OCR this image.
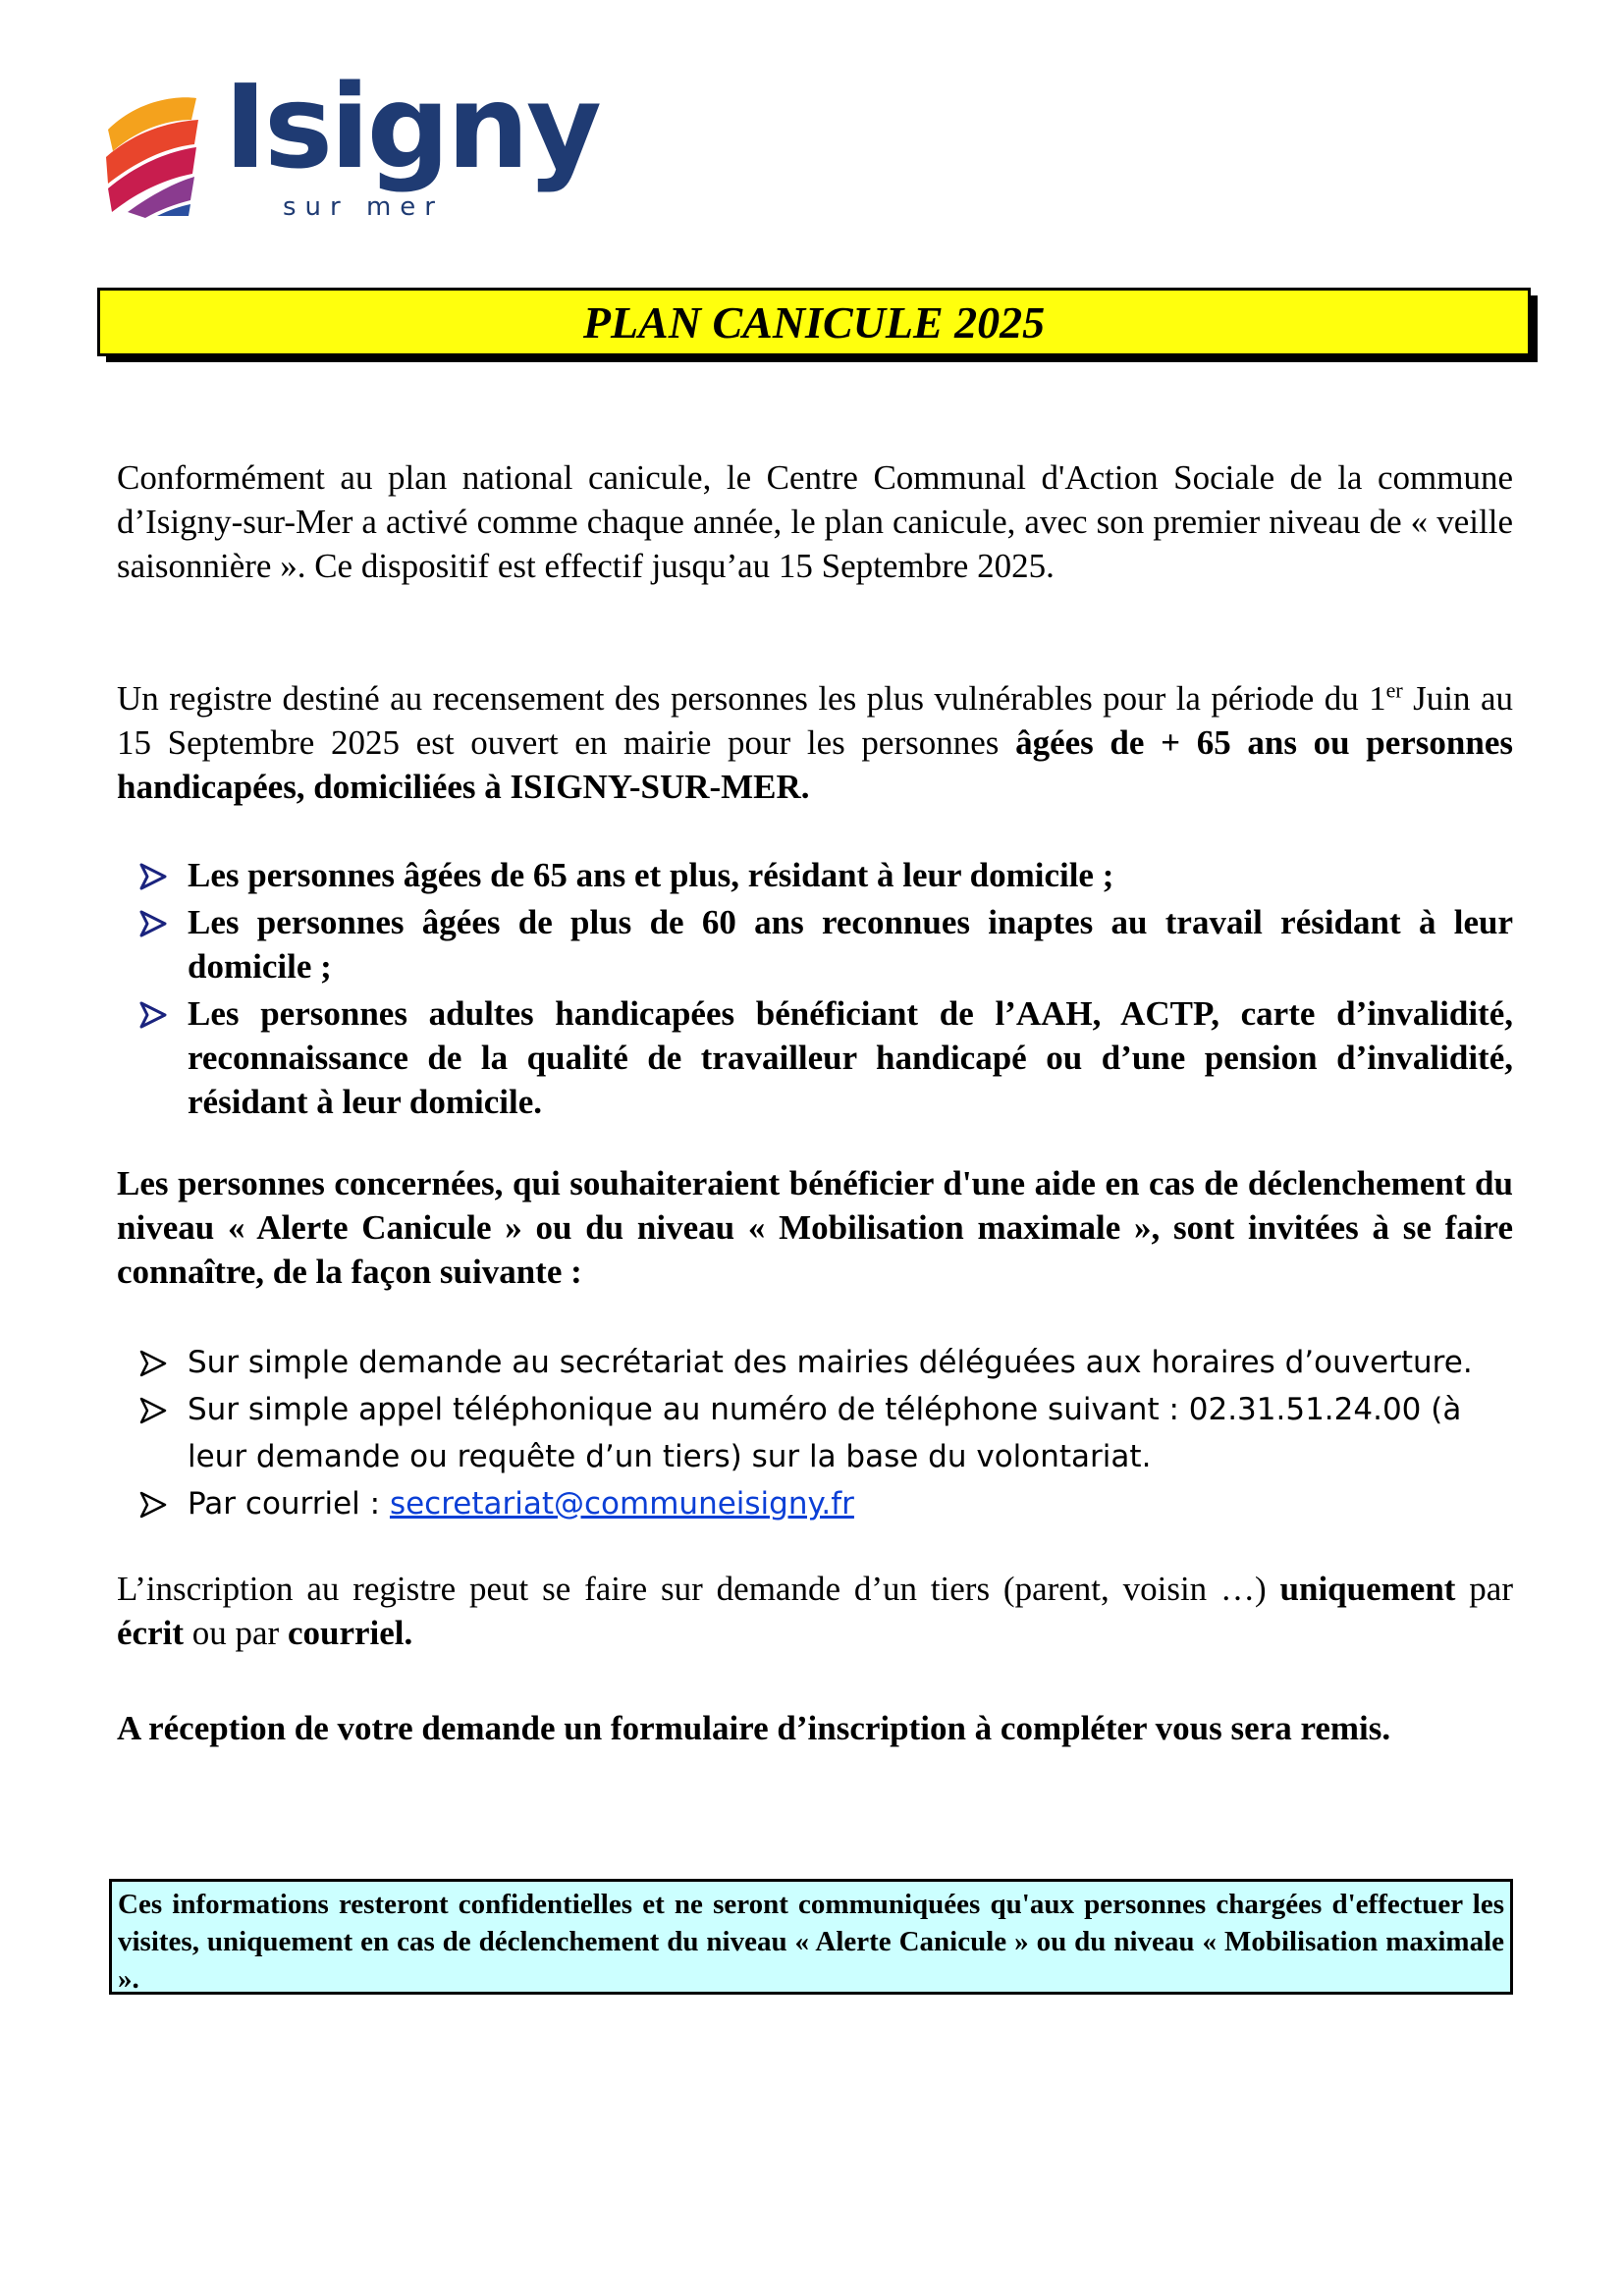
Isigny
sur mer
PLAN CANICULE 2025

Conformément au plan national canicule, le Centre Communal d'Action Sociale de la commune d’Isigny-sur-Mer a activé comme chaque année, le plan canicule, avec son premier niveau de « veille saisonnière ». Ce dispositif est effectif jusqu’au 15 Septembre 2025.

Un registre destiné au recensement des personnes les plus vulnérables pour la période du 1er Juin au 15 Septembre 2025 est ouvert en mairie pour les personnes âgées de + 65 ans ou personnes handicapées, domiciliées à ISIGNY-SUR-MER.

Les personnes âgées de 65 ans et plus, résidant à leur domicile ;
Les personnes âgées de plus de 60 ans reconnues inaptes au travail résidant à leur domicile ;
Les personnes adultes handicapées bénéficiant de l’AAH, ACTP, carte d’invalidité, reconnaissance de la qualité de travailleur handicapé ou d’une pension d’invalidité, résidant à leur domicile.

Les personnes concernées, qui souhaiteraient bénéficier d'une aide en cas de déclenchement du niveau « Alerte Canicule » ou du niveau « Mobilisation maximale », sont invitées à se faire connaître, de la façon suivante :

Sur simple demande au secrétariat des mairies déléguées aux horaires d’ouverture.
Sur simple appel téléphonique au numéro de téléphone suivant : 02.31.51.24.00 (à leur demande ou requête d’un tiers) sur la base du volontariat.
Par courriel : secretariat@communeisigny.fr

L’inscription au registre peut se faire sur demande d’un tiers (parent, voisin …) uniquement par écrit ou par courriel.

A réception de votre demande un formulaire d’inscription à compléter vous sera remis.

Ces informations resteront confidentielles et ne seront communiquées qu'aux personnes chargées d'effectuer les visites, uniquement en cas de déclenchement du niveau « Alerte Canicule » ou du niveau « Mobilisation maximale ».
